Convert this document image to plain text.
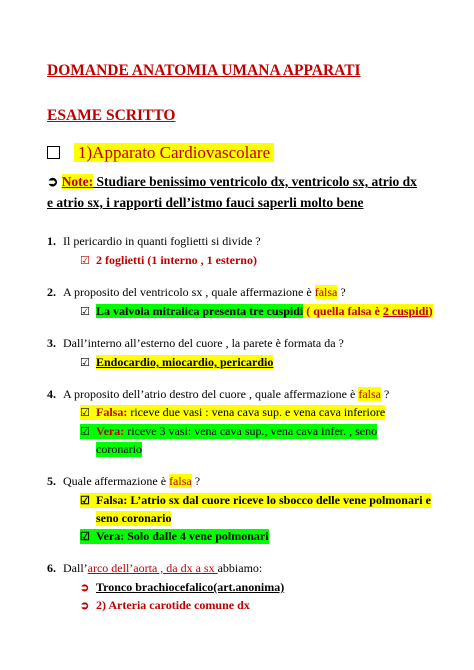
DOMANDE ANATOMIA UMANA APPARATI
ESAME SCRITTO
1)Apparato Cardiovascolare
➲ Note: Studiare benissimo ventricolo dx, ventricolo sx, atrio dx
e atrio sx, i rapporti dell’istmo fauci saperli molto bene
1. Il pericardio in quanti foglietti si divide ?
☑ 2 foglietti (1 interno , 1 esterno)
2. A proposito del ventricolo sx , quale affermazione è falsa ?
☑ La valvola mitralica presenta tre cuspidi ( quella falsa è 2 cuspidi)
3. Dall’interno all’esterno del cuore , la parete è formata da ?
☑ Endocardio, miocardio, pericardio
4. A proposito dell’atrio destro del cuore , quale affermazione è falsa ?
☑ Falsa: riceve due vasi : vena cava sup. e vena cava inferiore
☑ Vera: riceve 3 vasi: vena cava sup., vena cava infer. , seno
coronario
5. Quale affermazione è falsa ?
☑ Falsa: L’atrio sx dal cuore riceve lo sbocco delle vene polmonari e
seno coronario
☑ Vera: Solo dalle 4 vene polmonari
6. Dall’arco dell’aorta , da dx a sx abbiamo:
➲ Tronco brachiocefalico(art.anonima)
➲ 2) Arteria carotide comune dx
